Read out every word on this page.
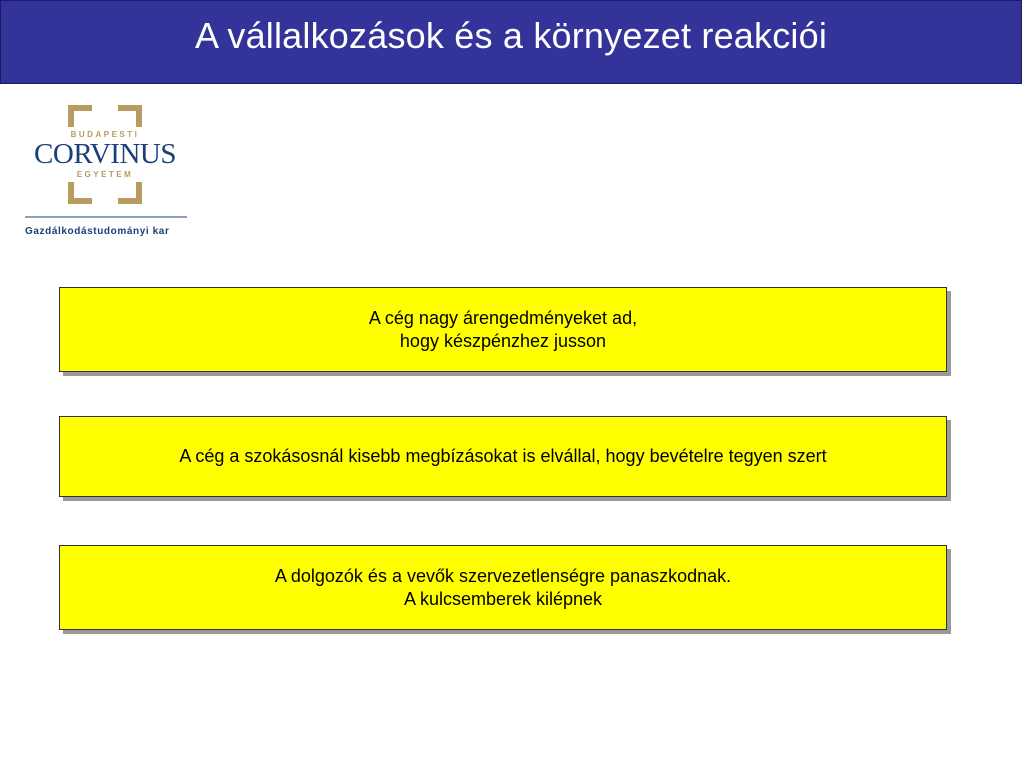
A vállalkozások és a környezet reakciói
BUDAPESTI
CORVINUS
EGYETEM
Gazdálkodástudományi kar
A cég nagy árengedményeket ad,
hogy készpénzhez jusson
A cég a szokásosnál kisebb megbízásokat is elvállal, hogy bevételre tegyen szert
A dolgozók és a vevők szervezetlenségre panaszkodnak.
A kulcsemberek kilépnek
